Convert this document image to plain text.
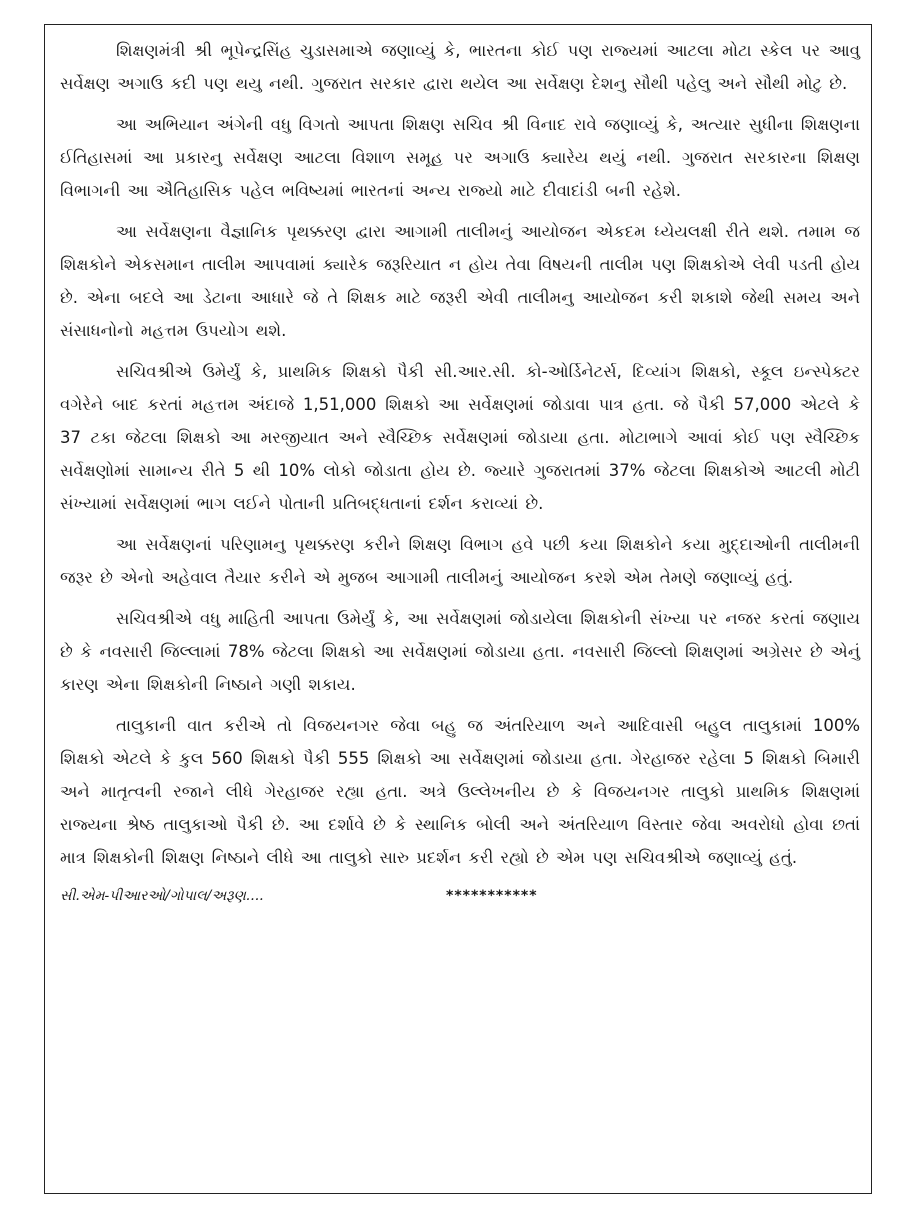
શિક્ષણમંત્રી શ્રી ભૂપેન્દ્રસિંહ ચુડાસમાએ જણાવ્યું કે, ભારતના કોઈ પણ રાજ્યમાં આટલા મોટા સ્કેલ પર આવુ સર્વેક્ષણ અગાઉ કદી પણ થયુ નથી. ગુજરાત સરકાર દ્વારા થયેલ આ સર્વેક્ષણ દેશનુ સૌથી પહેલુ અને સૌથી મોટુ છે.

આ અભિયાન અંગેની વધુ વિગતો આપતા શિક્ષણ સચિવ શ્રી વિનાદ રાવે જણાવ્યું કે, અત્યાર સુધીના શિક્ષણના ઈતિહાસમાં આ પ્રકારનુ સર્વેક્ષણ આટલા વિશાળ સમૂહ પર અગાઉ ક્યારેય થયું નથી. ગુજરાત સરકારના શિક્ષણ વિભાગની આ ઐતિહાસિક પહેલ ભવિષ્યમાં ભારતનાં અન્ય રાજ્યો માટે દીવાદાંડી બની રહેશે.

આ સર્વેક્ષણના વૈજ્ઞાનિક પૃથક્કરણ દ્વારા આગામી તાલીમનું આયોજન એકદમ ધ્યેયલક્ષી રીતે થશે. તમામ જ શિક્ષકોને એકસમાન તાલીમ આપવામાં ક્યારેક જરૂરિયાત ન હોય તેવા વિષયની તાલીમ પણ શિક્ષકોએ લેવી પડતી હોય છે. એના બદલે આ ડેટાના આધારે જે તે શિક્ષક માટે જરૂરી એવી તાલીમનુ આયોજન કરી શકાશે જેથી સમય અને સંસાધનોનો મહત્તમ ઉપયોગ થશે.

સચિવશ્રીએ ઉમેર્યું કે, પ્રાથમિક શિક્ષકો પૈકી સી.આર.સી. કો-ઓર્ડિનેટર્સ, દિવ્યાંગ શિક્ષકો, સ્કૂલ ઇન્સ્પેક્ટર વગેરેને બાદ કરતાં મહત્તમ અંદાજે 1,51,000 શિક્ષકો આ સર્વેક્ષણમાં જોડાવા પાત્ર હતા. જે પૈકી 57,000 એટલે કે 37 ટકા જેટલા શિક્ષકો આ મરજીયાત અને સ્વૈચ્છિક સર્વેક્ષણમાં જોડાયા હતા. મોટાભાગે આવાં કોઈ પણ સ્વૈચ્છિક સર્વેક્ષણોમાં સામાન્ય રીતે 5 થી 10% લોકો જોડાતા હોય છે. જ્યારે ગુજરાતમાં 37% જેટલા શિક્ષકોએ આટલી મોટી સંખ્યામાં સર્વેક્ષણમાં ભાગ લઈને પોતાની પ્રતિબદ્ધતાનાં દર્શન કરાવ્યાં છે.

આ સર્વેક્ષણનાં પરિણામનુ પૃથક્કરણ કરીને શિક્ષણ વિભાગ હવે પછી કયા શિક્ષકોને કયા મુદ્દાઓની તાલીમની જરૂર છે એનો અહેવાલ તૈયાર કરીને એ મુજબ આગામી તાલીમનું આયોજન કરશે એમ તેમણે જણાવ્યું હતું.

સચિવશ્રીએ વધુ માહિતી આપતા ઉમેર્યું કે, આ સર્વેક્ષણમાં જોડાયેલા શિક્ષકોની સંખ્યા પર નજર કરતાં જણાય છે કે નવસારી જિલ્લામાં 78% જેટલા શિક્ષકો આ સર્વેક્ષણમાં જોડાયા હતા. નવસારી જિલ્લો શિક્ષણમાં અગ્રેસર છે એનું કારણ એના શિક્ષકોની નિષ્ઠાને ગણી શકાય.

તાલુકાની વાત કરીએ તો વિજયનગર જેવા બહુ જ અંતરિયાળ અને આદિવાસી બહુલ તાલુકામાં 100% શિક્ષકો એટલે કે કુલ 560 શિક્ષકો પૈકી 555 શિક્ષકો આ સર્વેક્ષણમાં જોડાયા હતા. ગેરહાજર રહેલા 5 શિક્ષકો બિમારી અને માતૃત્વની રજાને લીધે ગેરહાજર રહ્યા હતા. અત્રે ઉલ્લેખનીય છે કે વિજયનગર તાલુકો પ્રાથમિક શિક્ષણમાં રાજ્યના શ્રેષ્ઠ તાલુકાઓ પૈકી છે. આ દર્શાવે છે કે સ્થાનિક બોલી અને અંતરિયાળ વિસ્તાર જેવા અવરોધો હોવા છતાં માત્ર શિક્ષકોની શિક્ષણ નિષ્ઠાને લીધે આ તાલુકો સારુ પ્રદર્શન કરી રહ્યો છે એમ પણ સચિવશ્રીએ જણાવ્યું હતું.

સી.એમ-પીઆરઓ/ગોપાલ/અરૂણ....	***********
